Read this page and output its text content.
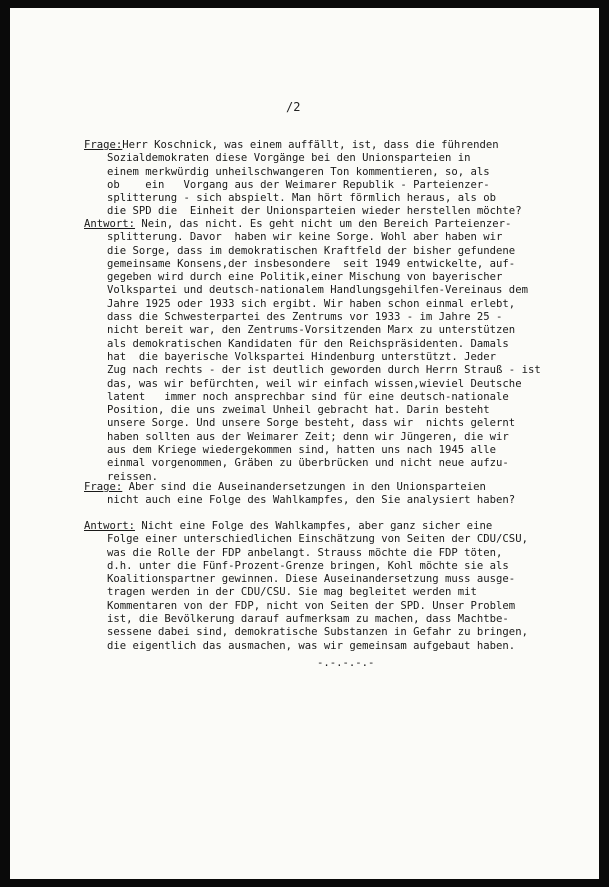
/2

Frage:Herr Koschnick, was einem auffällt, ist, dass die führenden
Sozialdemokraten diese Vorgänge bei den Unionsparteien in
einem merkwürdig unheilschwangeren Ton kommentieren, so, als
ob    ein   Vorgang aus der Weimarer Republik - Parteienzer-
splitterung - sich abspielt. Man hört förmlich heraus, als ob
die SPD die  Einheit der Unionsparteien wieder herstellen möchte?
Antwort: Nein, das nicht. Es geht nicht um den Bereich Parteienzer-
splitterung. Davor  haben wir keine Sorge. Wohl aber haben wir
die Sorge, dass im demokratischen Kraftfeld der bisher gefundene
gemeinsame Konsens,der insbesondere  seit 1949 entwickelte, auf-
gegeben wird durch eine Politik,einer Mischung von bayerischer
Volkspartei und deutsch-nationalem Handlungsgehilfen-Vereinaus dem
Jahre 1925 oder 1933 sich ergibt. Wir haben schon einmal erlebt,
dass die Schwesterpartei des Zentrums vor 1933 - im Jahre 25 -
nicht bereit war, den Zentrums-Vorsitzenden Marx zu unterstützen
als demokratischen Kandidaten für den Reichspräsidenten. Damals
hat  die bayerische Volkspartei Hindenburg unterstützt. Jeder
Zug nach rechts - der ist deutlich geworden durch Herrn Strauß - ist
das, was wir befürchten, weil wir einfach wissen,wieviel Deutsche
latent   immer noch ansprechbar sind für eine deutsch-nationale
Position, die uns zweimal Unheil gebracht hat. Darin besteht
unsere Sorge. Und unsere Sorge besteht, dass wir  nichts gelernt
haben sollten aus der Weimarer Zeit; denn wir Jüngeren, die wir
aus dem Kriege wiedergekommen sind, hatten uns nach 1945 alle
einmal vorgenommen, Gräben zu überbrücken und nicht neue aufzu-
reissen.
Frage: Aber sind die Auseinandersetzungen in den Unionsparteien
nicht auch eine Folge des Wahlkampfes, den Sie analysiert haben?
Antwort: Nicht eine Folge des Wahlkampfes, aber ganz sicher eine
Folge einer unterschiedlichen Einschätzung von Seiten der CDU/CSU,
was die Rolle der FDP anbelangt. Strauss möchte die FDP töten,
d.h. unter die Fünf-Prozent-Grenze bringen, Kohl möchte sie als
Koalitionspartner gewinnen. Diese Auseinandersetzung muss ausge-
tragen werden in der CDU/CSU. Sie mag begleitet werden mit
Kommentaren von der FDP, nicht von Seiten der SPD. Unser Problem
ist, die Bevölkerung darauf aufmerksam zu machen, dass Machtbe-
sessene dabei sind, demokratische Substanzen in Gefahr zu bringen,
die eigentlich das ausmachen, was wir gemeinsam aufgebaut haben.

-.-.-.-.-
